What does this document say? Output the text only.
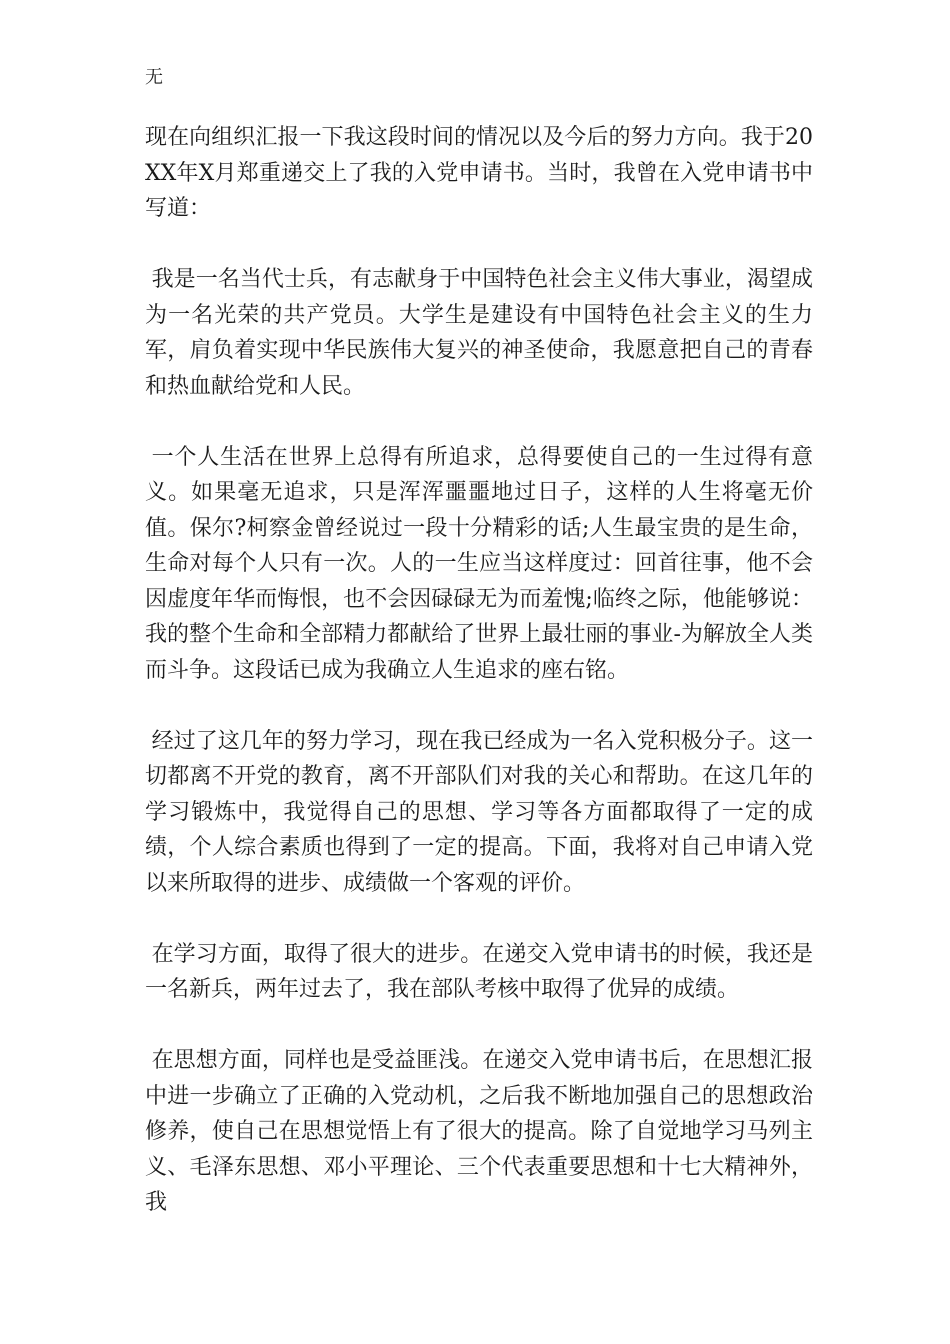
无

现在向组织汇报一下我这段时间的情况以及今后的努力方向。我于20XX年X月郑重递交上了我的入党申请书。当时，我曾在入党申请书中写道：

我是一名当代士兵，有志献身于中国特色社会主义伟大事业，渴望成为一名光荣的共产党员。大学生是建设有中国特色社会主义的生力军，肩负着实现中华民族伟大复兴的神圣使命，我愿意把自己的青春和热血献给党和人民。

一个人生活在世界上总得有所追求，总得要使自己的一生过得有意义。如果毫无追求，只是浑浑噩噩地过日子，这样的人生将毫无价值。保尔?柯察金曾经说过一段十分精彩的话;人生最宝贵的是生命，生命对每个人只有一次。人的一生应当这样度过：回首往事，他不会因虚度年华而悔恨，也不会因碌碌无为而羞愧;临终之际，他能够说：我的整个生命和全部精力都献给了世界上最壮丽的事业-为解放全人类而斗争。这段话已成为我确立人生追求的座右铭。

经过了这几年的努力学习，现在我已经成为一名入党积极分子。这一切都离不开党的教育，离不开部队们对我的关心和帮助。在这几年的学习锻炼中，我觉得自己的思想、学习等各方面都取得了一定的成绩，个人综合素质也得到了一定的提高。下面，我将对自己申请入党以来所取得的进步、成绩做一个客观的评价。

在学习方面，取得了很大的进步。在递交入党申请书的时候，我还是一名新兵，两年过去了，我在部队考核中取得了优异的成绩。

在思想方面，同样也是受益匪浅。在递交入党申请书后，在思想汇报中进一步确立了正确的入党动机，之后我不断地加强自己的思想政治修养，使自己在思想觉悟上有了很大的提高。除了自觉地学习马列主义、毛泽东思想、邓小平理论、三个代表重要思想和十七大精神外，我
